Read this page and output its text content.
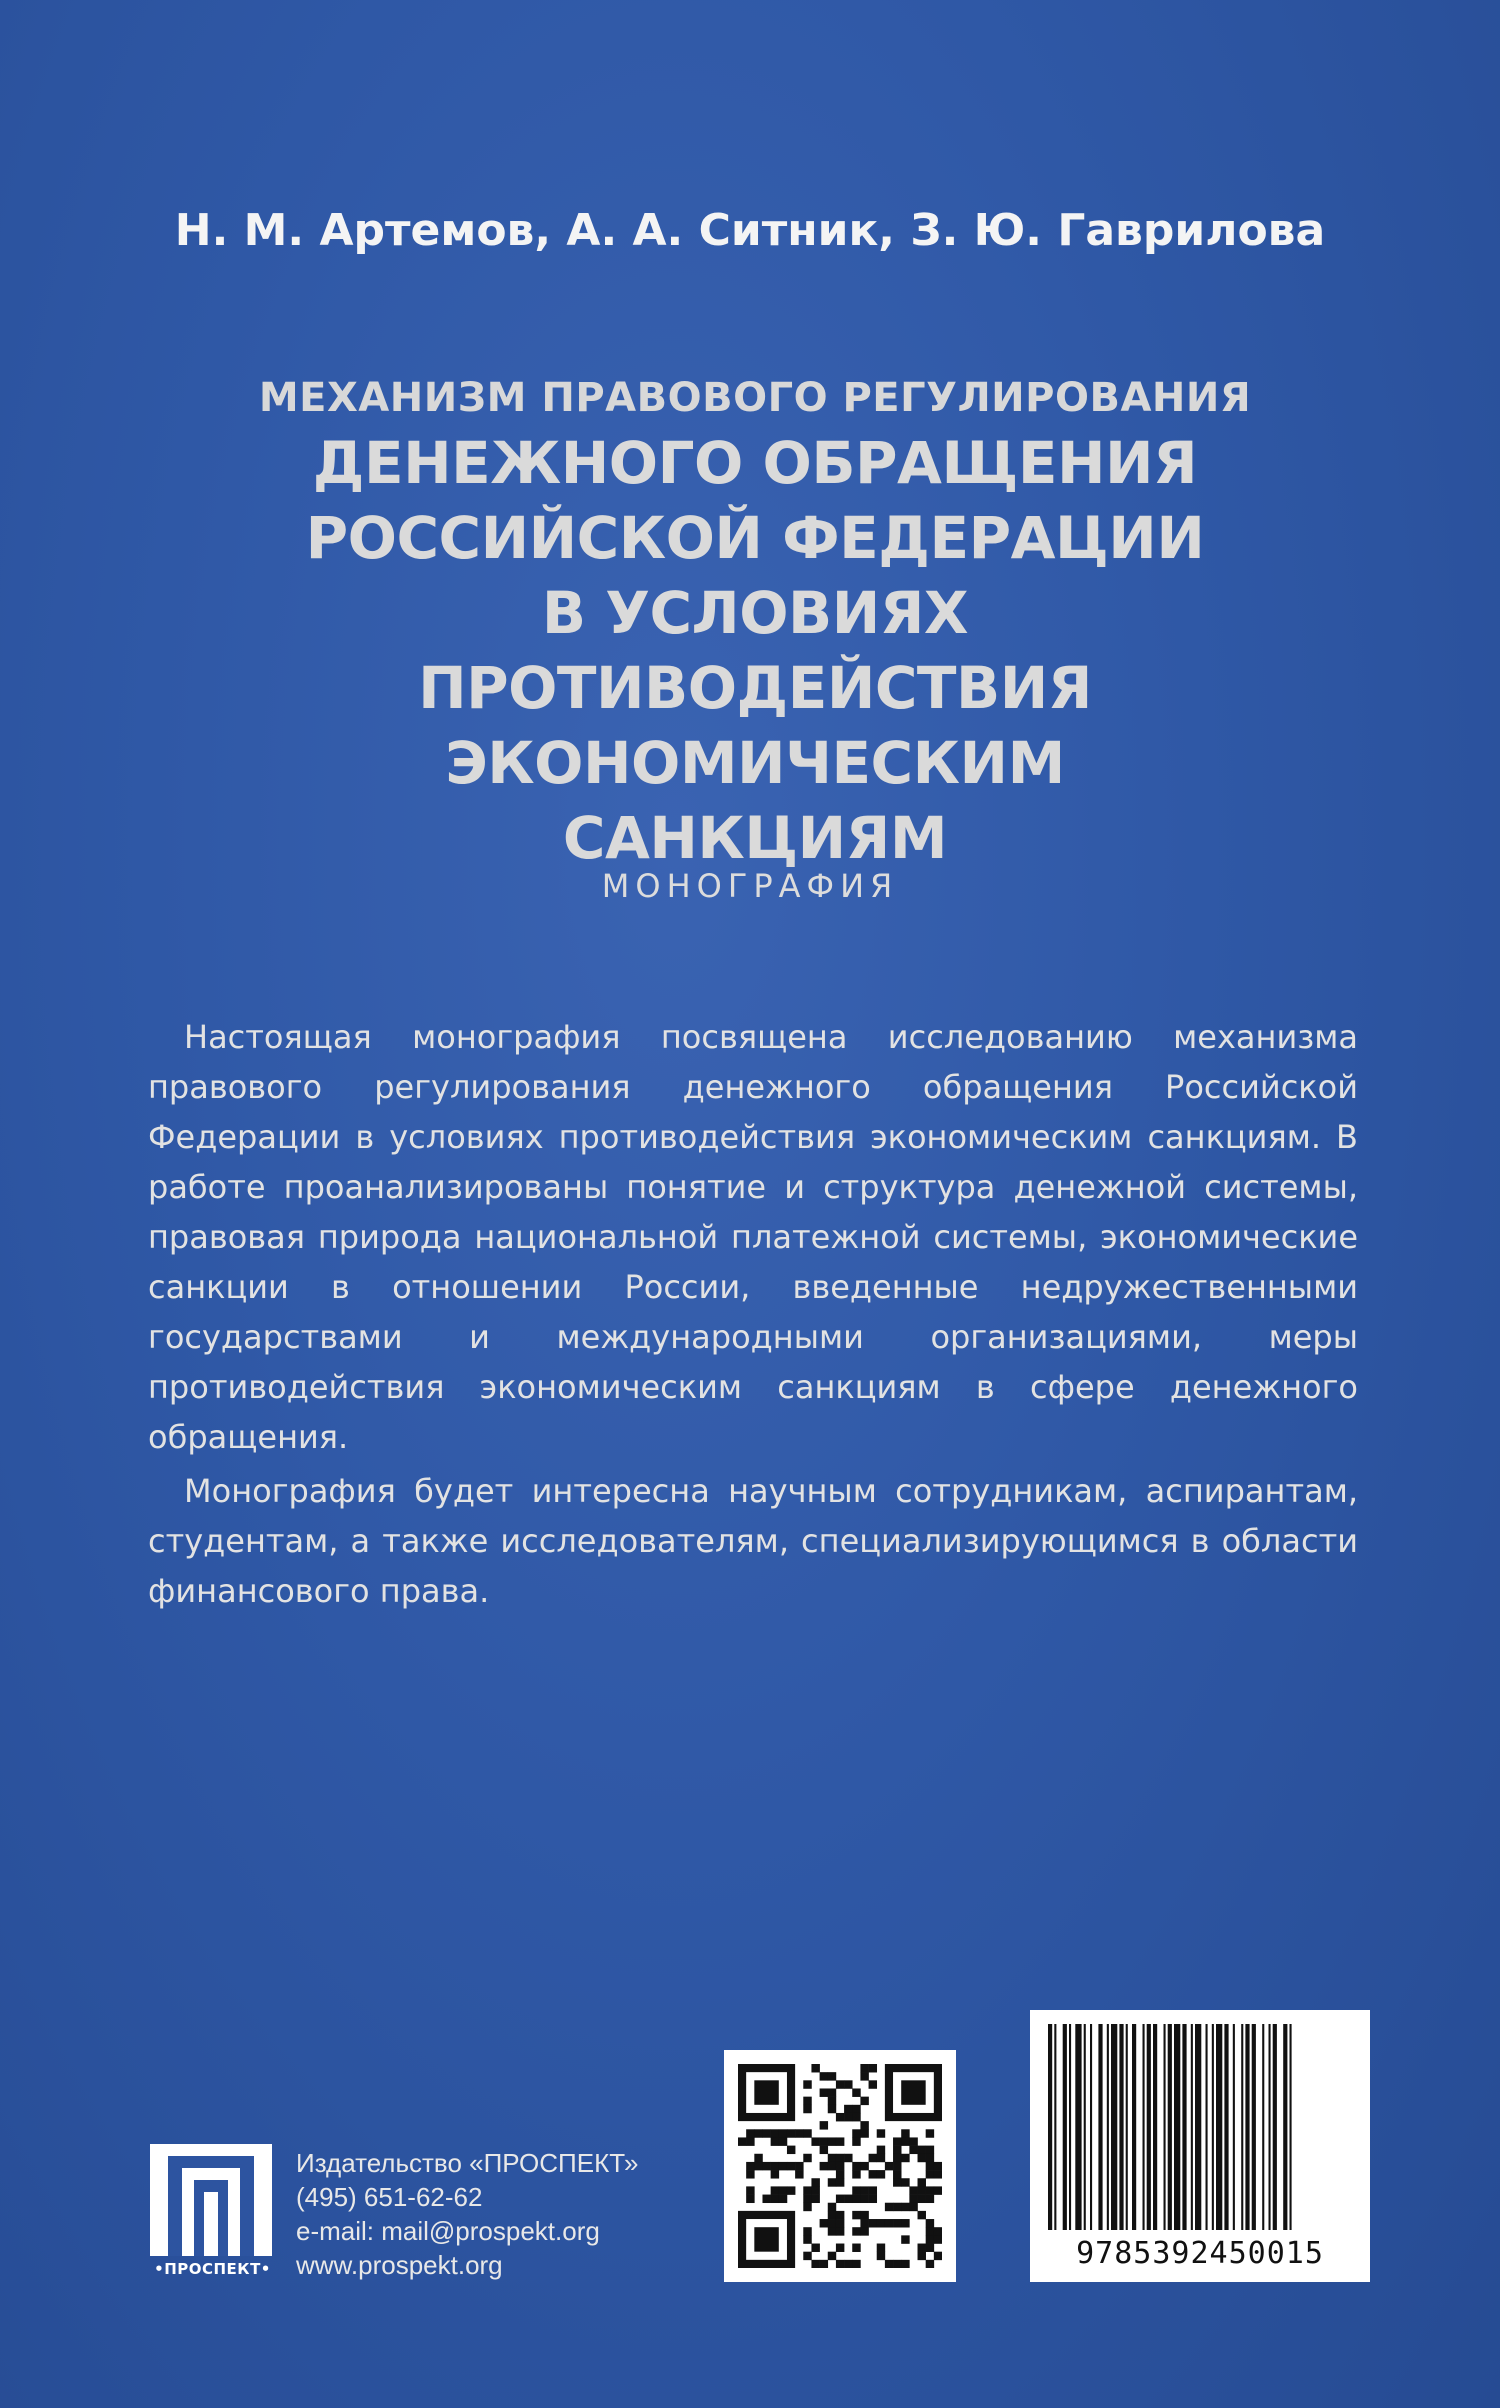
Н. М. Артемов, А. А. Ситник, З. Ю. Гаврилова
МЕХАНИЗМ ПРАВОВОГО РЕГУЛИРОВАНИЯ
ДЕНЕЖНОГО ОБРАЩЕНИЯ
РОССИЙСКОЙ ФЕДЕРАЦИИ
В УСЛОВИЯХ ПРОТИВОДЕЙСТВИЯ
ЭКОНОМИЧЕСКИМ САНКЦИЯМ
МОНОГРАФИЯ

Настоящая монография посвящена исследованию механизма правового регулирования денежного обращения Российской Федерации в условиях противодействия экономическим санкциям. В работе проанализированы понятие и структура денежной системы, правовая природа национальной платежной системы, экономические санкции в отношении России, введенные недружественными государствами и международными организациями, меры противодействия экономическим санкциям в сфере денежного обращения.

Монография будет интересна научным сотрудникам, аспирантам, студентам, а также исследователям, специализирующимся в области финансового права.

•ПРОСПЕКТ•
Издательство «ПРОСПЕКТ»
(495) 651-62-62
e-mail: mail@prospekt.org
www.prospekt.org	9785392450015
